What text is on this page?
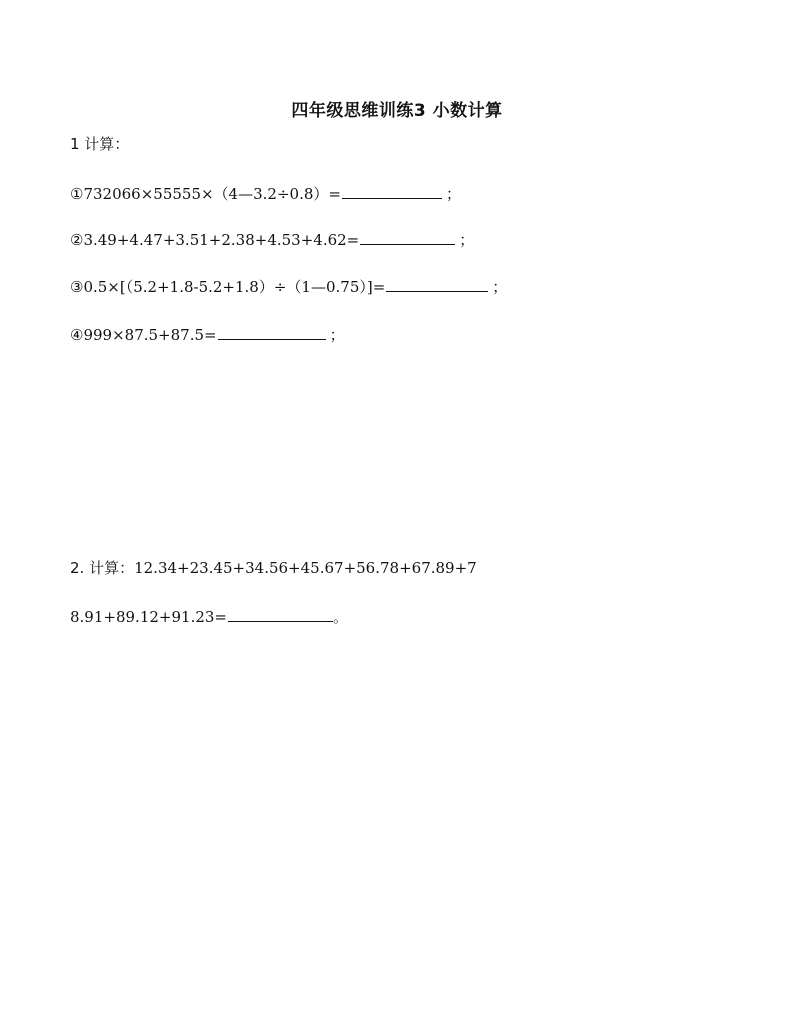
四年级思维训练3 小数计算
1 计算：
①732066×55555×（4—3.2÷0.8）=	；
②3.49+4.47+3.51+2.38+4.53+4.62=	；
③0.5×[（5.2+1.8-5.2+1.8）÷（1—0.75）]=	；
④999×87.5+87.5=	；
2. 计算：12.34+23.45+34.56+45.67+56.78+67.89+7
8.91+89.12+91.23=	。
